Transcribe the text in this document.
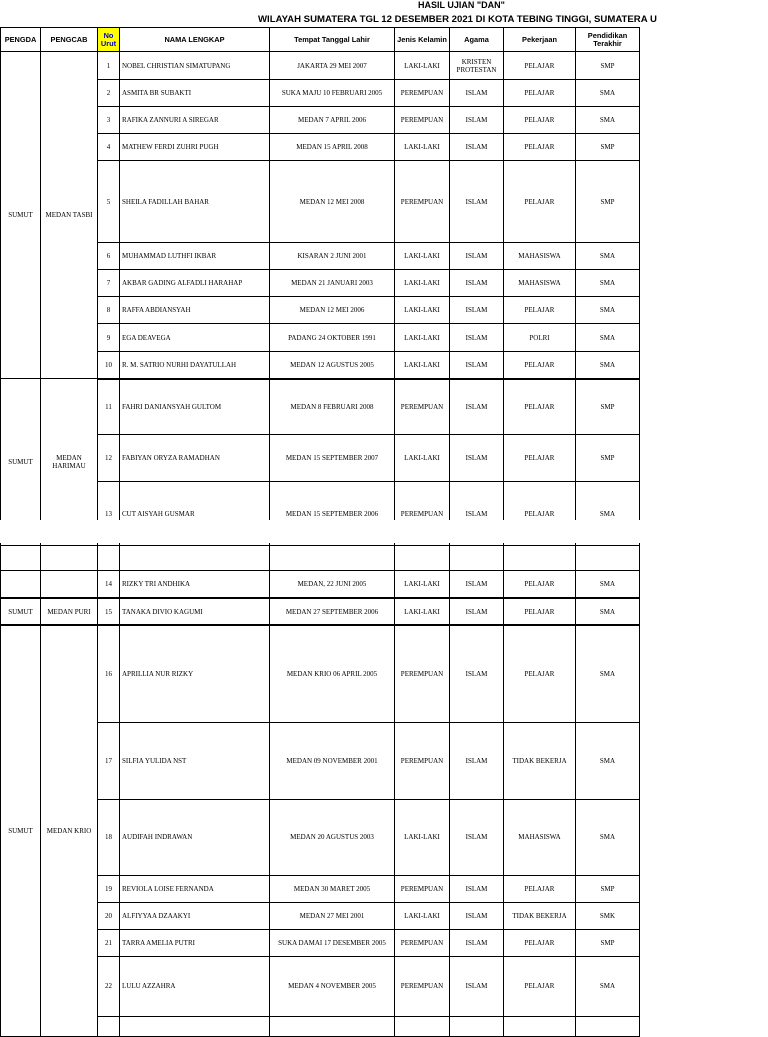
HASIL UJIAN "DAN"
WILAYAH SUMATERA TGL 12 DESEMBER 2021 DI KOTA TEBING TINGGI, SUMATERA U
PENGDA	PENGCAB	No Urut	NAMA LENGKAP	Tempat Tanggal Lahir	Jenis Kelamin	Agama	Pekerjaan	Pendidikan Terakhir
SUMUT	MEDAN TASBI	1	NOBEL CHRISTIAN SIMATUPANG	JAKARTA 29 MEI 2007	LAKI-LAKI	KRISTEN PROTESTAN	PELAJAR	SMP
		2	ASMITA BR SUBAKTI	SUKA MAJU 10 FEBRUARI 2005	PEREMPUAN	ISLAM	PELAJAR	SMA
		3	RAFIKA ZANNURI A SIREGAR	MEDAN 7 APRIL 2006	PEREMPUAN	ISLAM	PELAJAR	SMA
		4	MATHEW FERDI ZUHRI PUGH	MEDAN 15 APRIL 2008	LAKI-LAKI	ISLAM	PELAJAR	SMP
		5	SHEILA FADILLAH BAHAR	MEDAN 12 MEI 2008	PEREMPUAN	ISLAM	PELAJAR	SMP
		6	MUHAMMAD LUTHFI IKBAR	KISARAN 2 JUNI 2001	LAKI-LAKI	ISLAM	MAHASISWA	SMA
		7	AKBAR GADING ALFADLI HARAHAP	MEDAN 21 JANUARI 2003	LAKI-LAKI	ISLAM	MAHASISWA	SMA
		8	RAFFA ABDIANSYAH	MEDAN 12 MEI 2006	LAKI-LAKI	ISLAM	PELAJAR	SMA
		9	EGA DEAVEGA	PADANG 24 OKTOBER 1991	LAKI-LAKI	ISLAM	POLRI	SMA
		10	R. M. SATRIO NURHI DAYATULLAH	MEDAN 12 AGUSTUS 2005	LAKI-LAKI	ISLAM	PELAJAR	SMA
SUMUT	MEDAN HARIMAU	11	FAHRI DANIANSYAH GULTOM	MEDAN 8 FEBRUARI 2008	PEREMPUAN	ISLAM	PELAJAR	SMP
		12	FABIYAN ORYZA RAMADHAN	MEDAN 15 SEPTEMBER 2007	LAKI-LAKI	ISLAM	PELAJAR	SMP
		13	CUT AISYAH GUSMAR	MEDAN 15 SEPTEMBER 2006	PEREMPUAN	ISLAM	PELAJAR	SMA

		14	RIZKY TRI ANDHIKA	MEDAN, 22 JUNI 2005	LAKI-LAKI	ISLAM	PELAJAR	SMA
SUMUT	MEDAN PURI	15	TANAKA DIVIO KAGUMI	MEDAN 27 SEPTEMBER 2006	LAKI-LAKI	ISLAM	PELAJAR	SMA
SUMUT	MEDAN KRIO	16	APRILLIA NUR RIZKY	MEDAN KRIO 06 APRIL 2005	PEREMPUAN	ISLAM	PELAJAR	SMA
		17	SILFIA YULIDA NST	MEDAN 09 NOVEMBER 2001	PEREMPUAN	ISLAM	TIDAK BEKERJA	SMA
		18	AUDIFAH INDRAWAN	MEDAN 20 AGUSTUS 2003	LAKI-LAKI	ISLAM	MAHASISWA	SMA
		19	REVIOLA LOISE FERNANDA	MEDAN 30 MARET 2005	PEREMPUAN	ISLAM	PELAJAR	SMP
		20	ALFIYYAA DZAAKYI	MEDAN 27 MEI 2001	LAKI-LAKI	ISLAM	TIDAK BEKERJA	SMK
		21	TARRA AMELIA PUTRI	SUKA DAMAI 17 DESEMBER 2005	PEREMPUAN	ISLAM	PELAJAR	SMP
		22	LULU AZZAHRA	MEDAN 4 NOVEMBER 2005	PEREMPUAN	ISLAM	PELAJAR	SMA
